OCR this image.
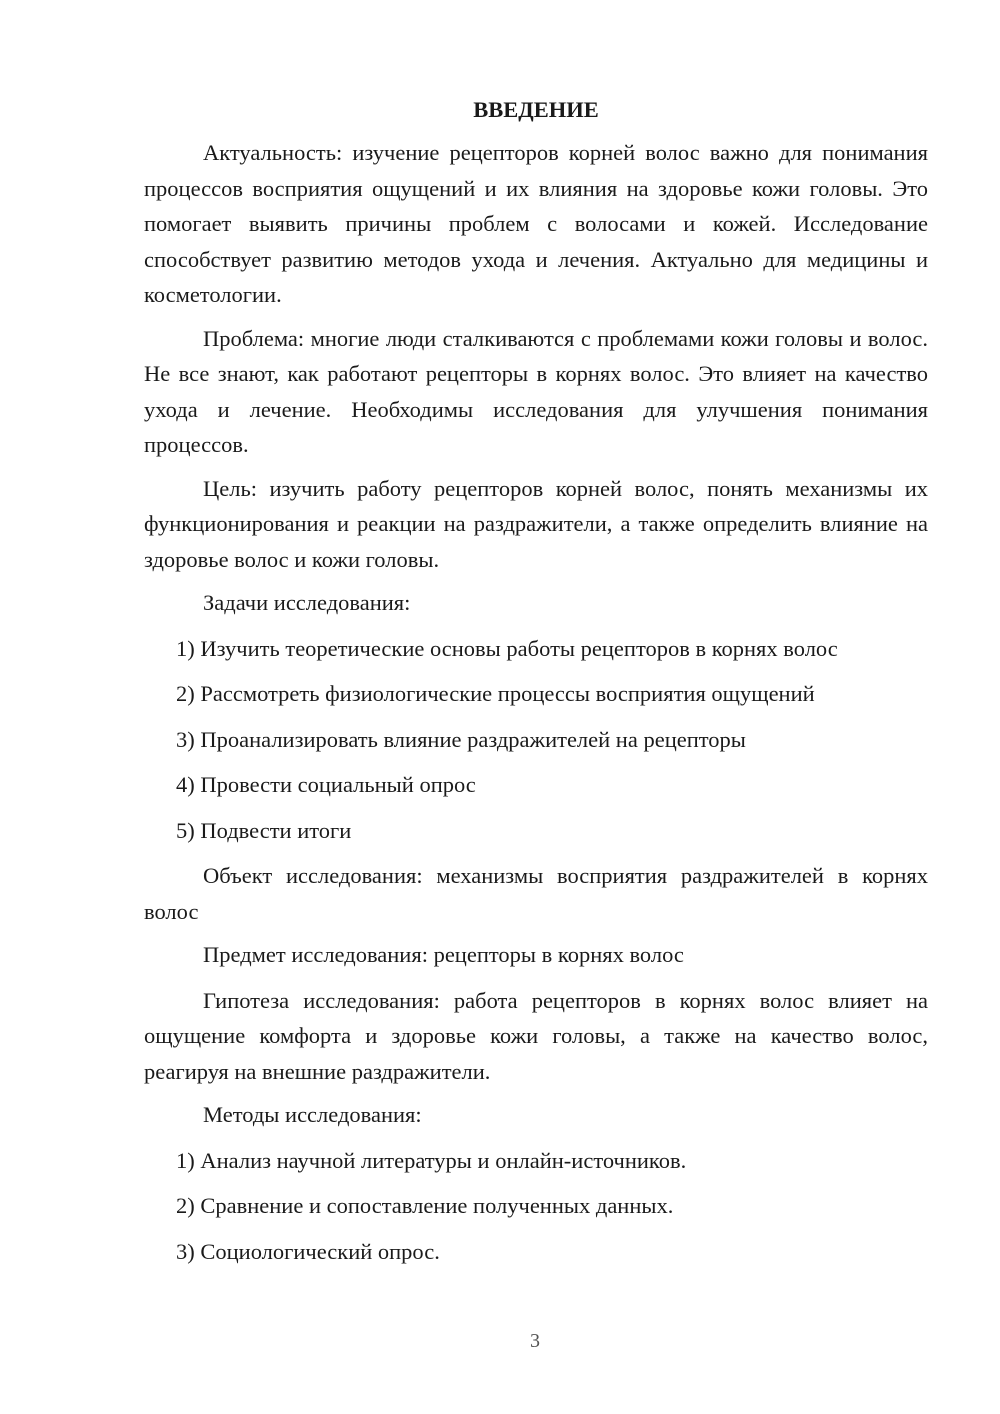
ВВЕДЕНИЕ

Актуальность: изучение рецепторов корней волос важно для понимания процессов восприятия ощущений и их влияния на здоровье кожи головы. Это помогает выявить причины проблем с волосами и кожей. Исследование способствует развитию методов ухода и лечения. Актуально для медицины и косметологии.

Проблема: многие люди сталкиваются с проблемами кожи головы и волос. Не все знают, как работают рецепторы в корнях волос. Это влияет на качество ухода и лечение. Необходимы исследования для улучшения понимания процессов.

Цель: изучить работу рецепторов корней волос, понять механизмы их функционирования и реакции на раздражители, а также определить влияние на здоровье волос и кожи головы.

Задачи исследования:

1) Изучить теоретические основы работы рецепторов в корнях волос
2) Рассмотреть физиологические процессы восприятия ощущений
3) Проанализировать влияние раздражителей на рецепторы
4) Провести социальный опрос
5) Подвести итоги

Объект исследования: механизмы восприятия раздражителей в корнях волос

Предмет исследования: рецепторы в корнях волос

Гипотеза исследования: работа рецепторов в корнях волос влияет на ощущение комфорта и здоровье кожи головы, а также на качество волос, реагируя на внешние раздражители.

Методы исследования:

1) Анализ научной литературы и онлайн-источников.
2) Сравнение и сопоставление полученных данных.
3) Социологический опрос.
3
